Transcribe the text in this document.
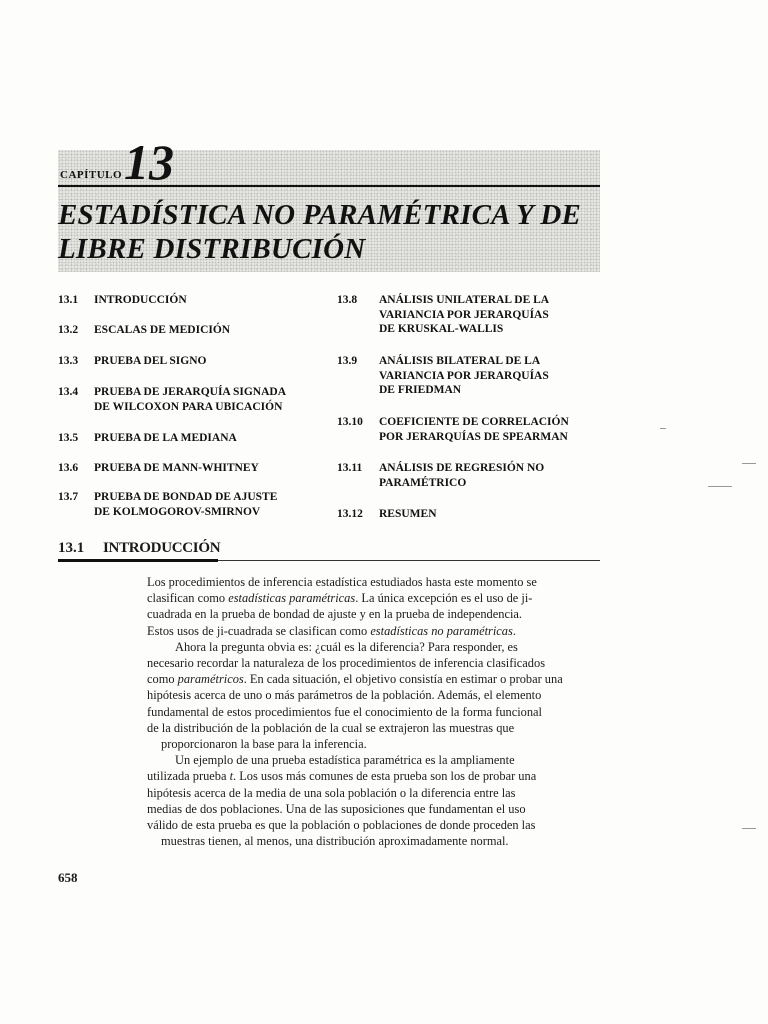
CAPÍTULO 13
ESTADÍSTICA NO PARAMÉTRICA Y DE
LIBRE DISTRIBUCIÓN
13.1	INTRODUCCIÓN
13.2	ESCALAS DE MEDICIÓN
13.3	PRUEBA DEL SIGNO
13.4	PRUEBA DE JERARQUÍA SIGNADA
DE WILCOXON PARA UBICACIÓN
13.5	PRUEBA DE LA MEDIANA
13.6	PRUEBA DE MANN-WHITNEY
13.7	PRUEBA DE BONDAD DE AJUSTE
DE KOLMOGOROV-SMIRNOV
13.8	ANÁLISIS UNILATERAL DE LA
VARIANCIA POR JERARQUÍAS
DE KRUSKAL-WALLIS
13.9	ANÁLISIS BILATERAL DE LA
VARIANCIA POR JERARQUÍAS
DE FRIEDMAN
13.10	COEFICIENTE DE CORRELACIÓN
POR JERARQUÍAS DE SPEARMAN
13.11	ANÁLISIS DE REGRESIÓN NO
PARAMÉTRICO
13.12	RESUMEN
13.1 INTRODUCCIÓN
Los procedimientos de inferencia estadística estudiados hasta este momento se
clasifican como estadísticas paramétricas. La única excepción es el uso de ji-
cuadrada en la prueba de bondad de ajuste y en la prueba de independencia.
Estos usos de ji-cuadrada se clasifican como estadísticas no paramétricas.
Ahora la pregunta obvia es: ¿cuál es la diferencia? Para responder, es
necesario recordar la naturaleza de los procedimientos de inferencia clasificados
como paramétricos. En cada situación, el objetivo consistía en estimar o probar una
hipótesis acerca de uno o más parámetros de la población. Además, el elemento
fundamental de estos procedimientos fue el conocimiento de la forma funcional
de la distribución de la población de la cual se extrajeron las muestras que
proporcionaron la base para la inferencia.
Un ejemplo de una prueba estadística paramétrica es la ampliamente
utilizada prueba t. Los usos más comunes de esta prueba son los de probar una
hipótesis acerca de la media de una sola población o la diferencia entre las
medias de dos poblaciones. Una de las suposiciones que fundamentan el uso
válido de esta prueba es que la población o poblaciones de donde proceden las
muestras tienen, al menos, una distribución aproximadamente normal.
658
